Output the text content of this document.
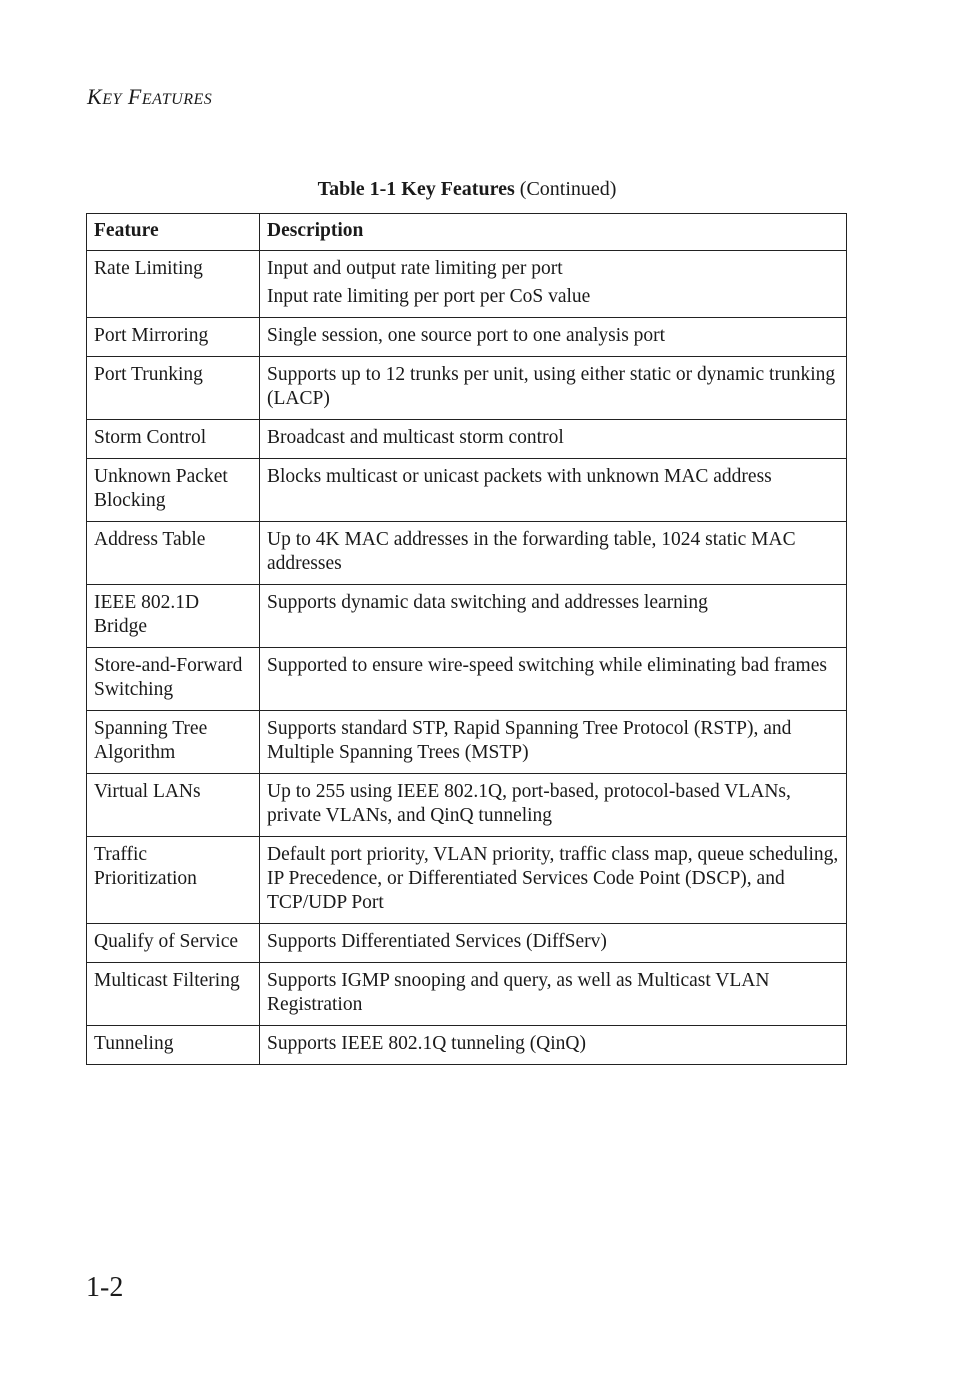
KEY FEATURES
Table 1-1 Key Features (Continued)
Feature	Description
Rate Limiting	Input and output rate limiting per port
Input rate limiting per port per CoS value

Port Mirroring	Single session, one source port to one analysis port

Port Trunking	Supports up to 12 trunks per unit, using either static or dynamic trunking (LACP)

Storm Control	Broadcast and multicast storm control

Unknown Packet Blocking	Blocks multicast or unicast packets with unknown MAC address

Address Table	Up to 4K MAC addresses in the forwarding table, 1024 static MAC addresses

IEEE 802.1D Bridge	Supports dynamic data switching and addresses learning

Store-and-Forward Switching	Supported to ensure wire-speed switching while eliminating bad frames

Spanning Tree Algorithm	Supports standard STP, Rapid Spanning Tree Protocol (RSTP), and Multiple Spanning Trees (MSTP)

Virtual LANs	Up to 255 using IEEE 802.1Q, port-based, protocol-based VLANs, private VLANs, and QinQ tunneling

Traffic Prioritization	Default port priority, VLAN priority, traffic class map, queue scheduling, IP Precedence, or Differentiated Services Code Point (DSCP), and TCP/UDP Port

Qualify of Service	Supports Differentiated Services (DiffServ)

Multicast Filtering	Supports IGMP snooping and query, as well as Multicast VLAN Registration

Tunneling	Supports IEEE 802.1Q tunneling (QinQ)
1-2
